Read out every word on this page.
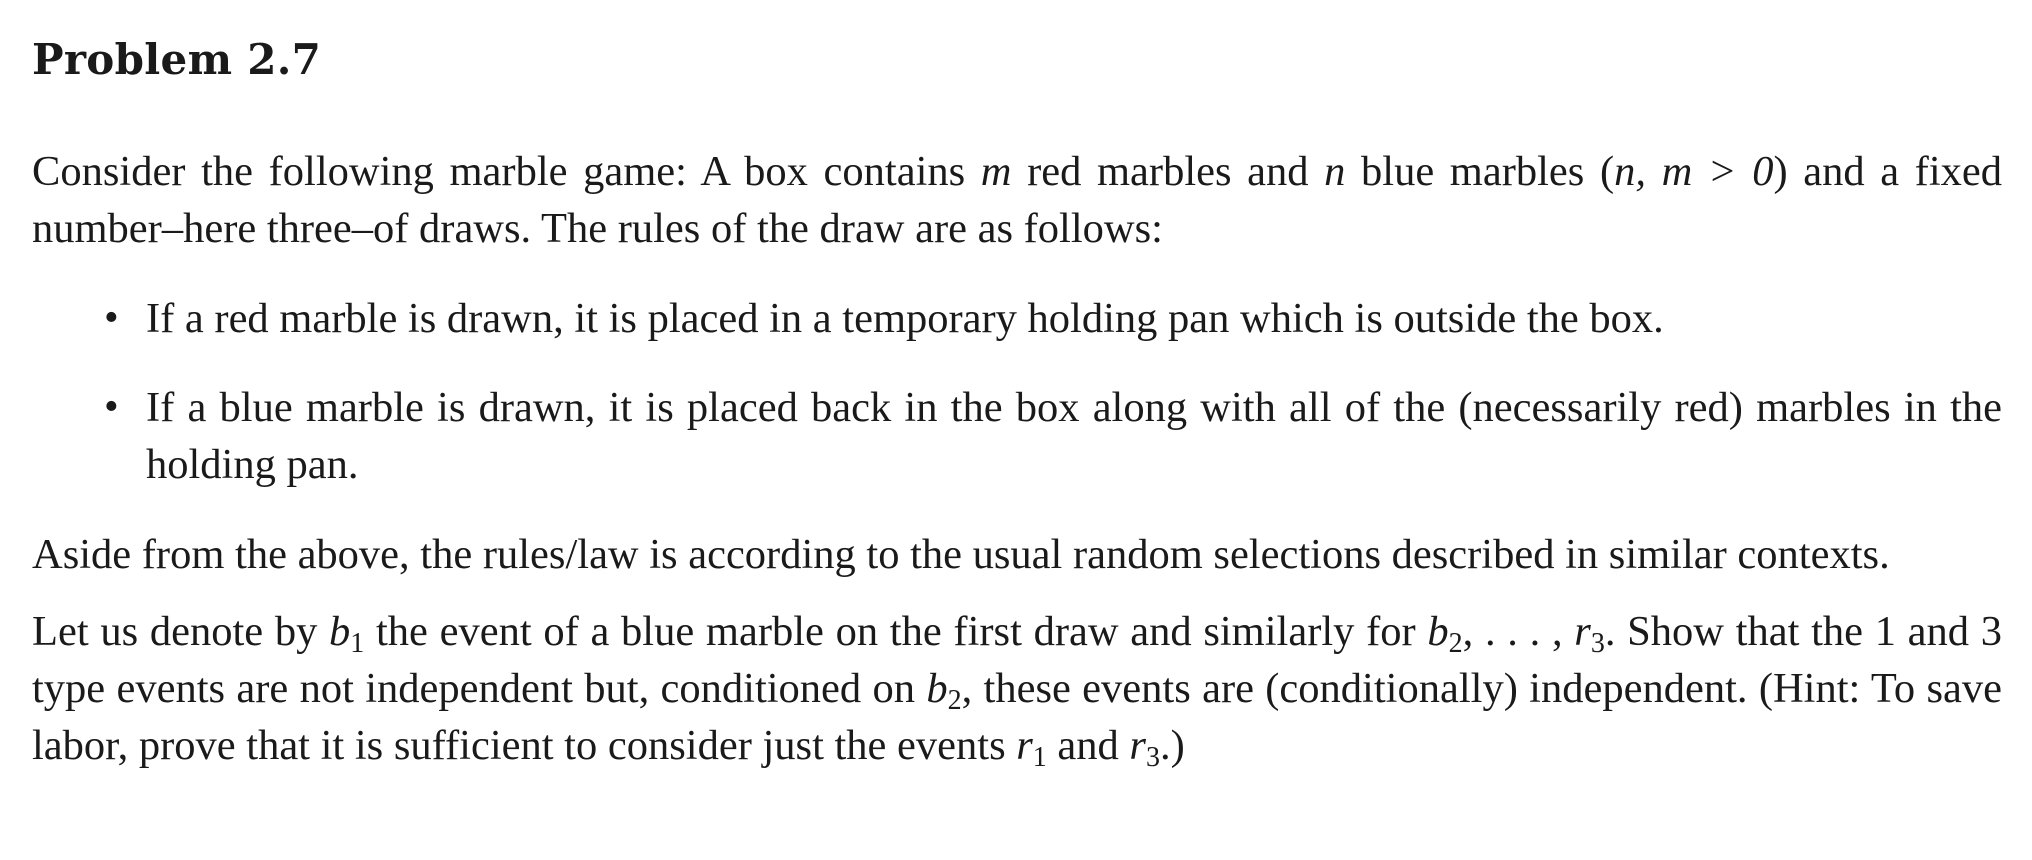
Problem 2.7

Consider the following marble game: A box contains m red marbles and n blue marbles (n, m > 0) and a fixed number–here three–of draws. The rules of the draw are as follows:

• If a red marble is drawn, it is placed in a temporary holding pan which is outside the box.
• If a blue marble is drawn, it is placed back in the box along with all of the (necessarily red) marbles in the holding pan.

Aside from the above, the rules/law is according to the usual random selections described in similar contexts.

Let us denote by $b_1$ the event of a blue marble on the first draw and similarly for $b_2$, . . . , $r_3$. Show that the 1 and 3 type events are not independent but, conditioned on $b_2$, these events are (conditionally) independent. (Hint: To save labor, prove that it is sufficient to consider just the events $r_1$ and $r_3$.)
